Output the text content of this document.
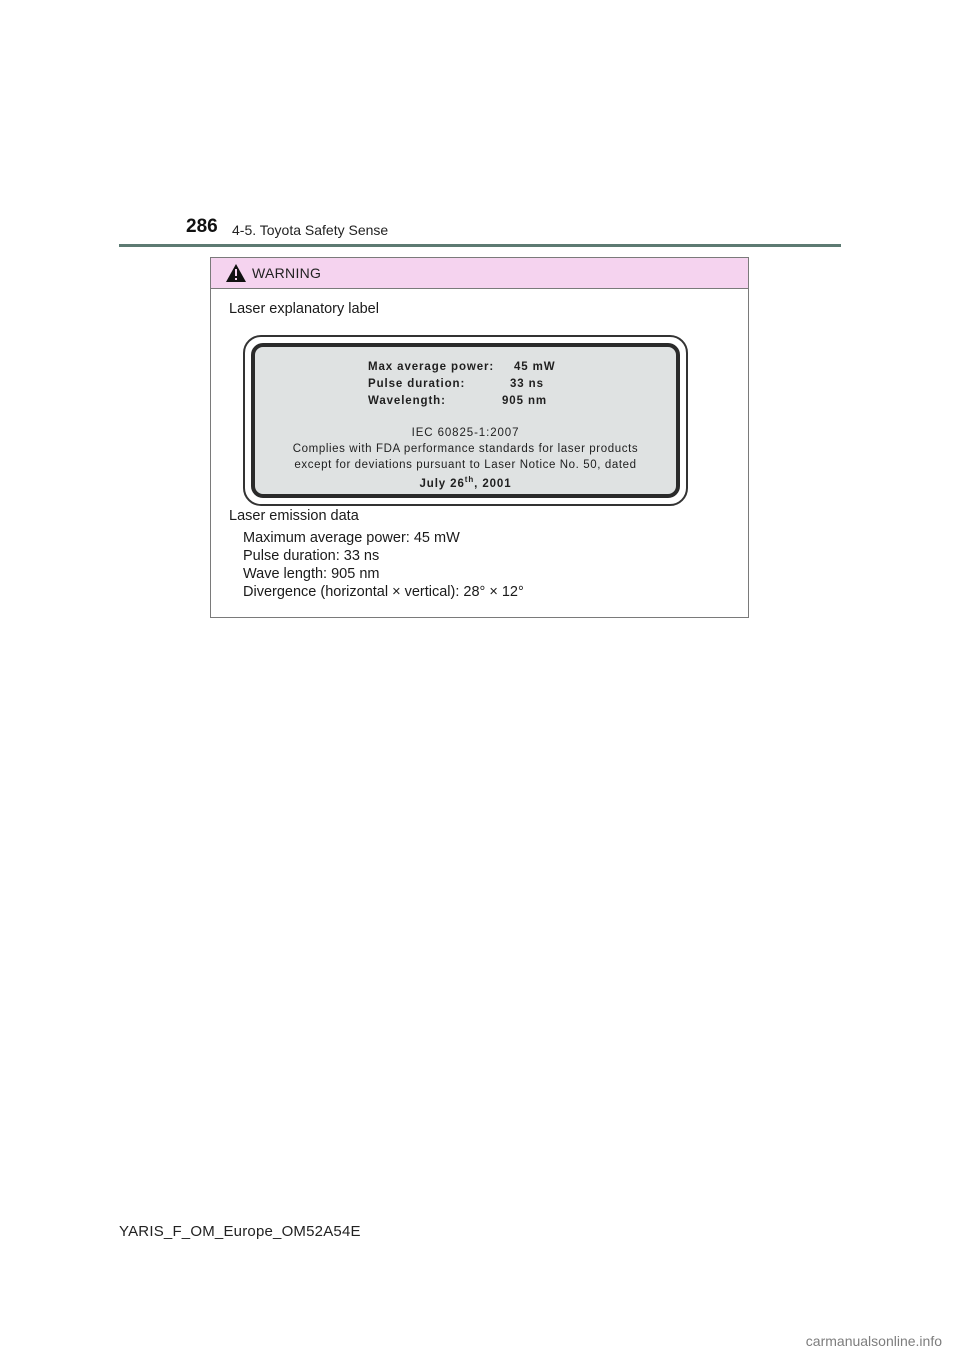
286 4-5. Toyota Safety Sense
WARNING
Laser explanatory label
Max average power: 45 mW
Pulse duration:	33 ns
Wavelength:	905 nm
IEC 60825-1:2007
Complies with FDA performance standards for laser products
except for deviations pursuant to Laser Notice No. 50, dated
July 26th, 2001
Laser emission data
Maximum average power: 45 mW
Pulse duration: 33 ns
Wave length: 905 nm
Divergence (horizontal × vertical): 28° × 12°
YARIS_F_OM_Europe_OM52A54E
carmanualsonline.info
